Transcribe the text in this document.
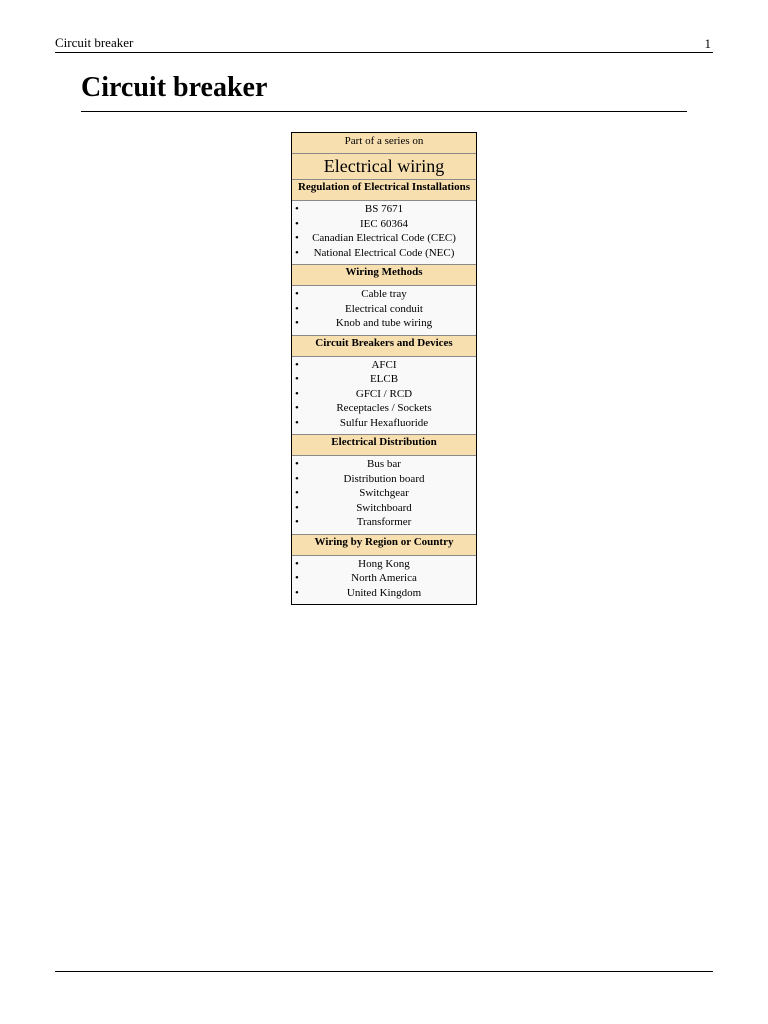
Circuit breaker	1
Circuit breaker
Part of a series on
Electrical wiring
Regulation of Electrical Installations
•	BS 7671
•	IEC 60364
• Canadian Electrical Code (CEC)
• National Electrical Code (NEC)
Wiring Methods
•	Cable tray
•	Electrical conduit
•	Knob and tube wiring
Circuit Breakers and Devices
•	AFCI
•	ELCB
•	GFCI / RCD
•	Receptacles / Sockets
•	Sulfur Hexafluoride
Electrical Distribution
•	Bus bar
•	Distribution board
•	Switchgear
•	Switchboard
•	Transformer
Wiring by Region or Country
•	Hong Kong
•	North America
•	United Kingdom
